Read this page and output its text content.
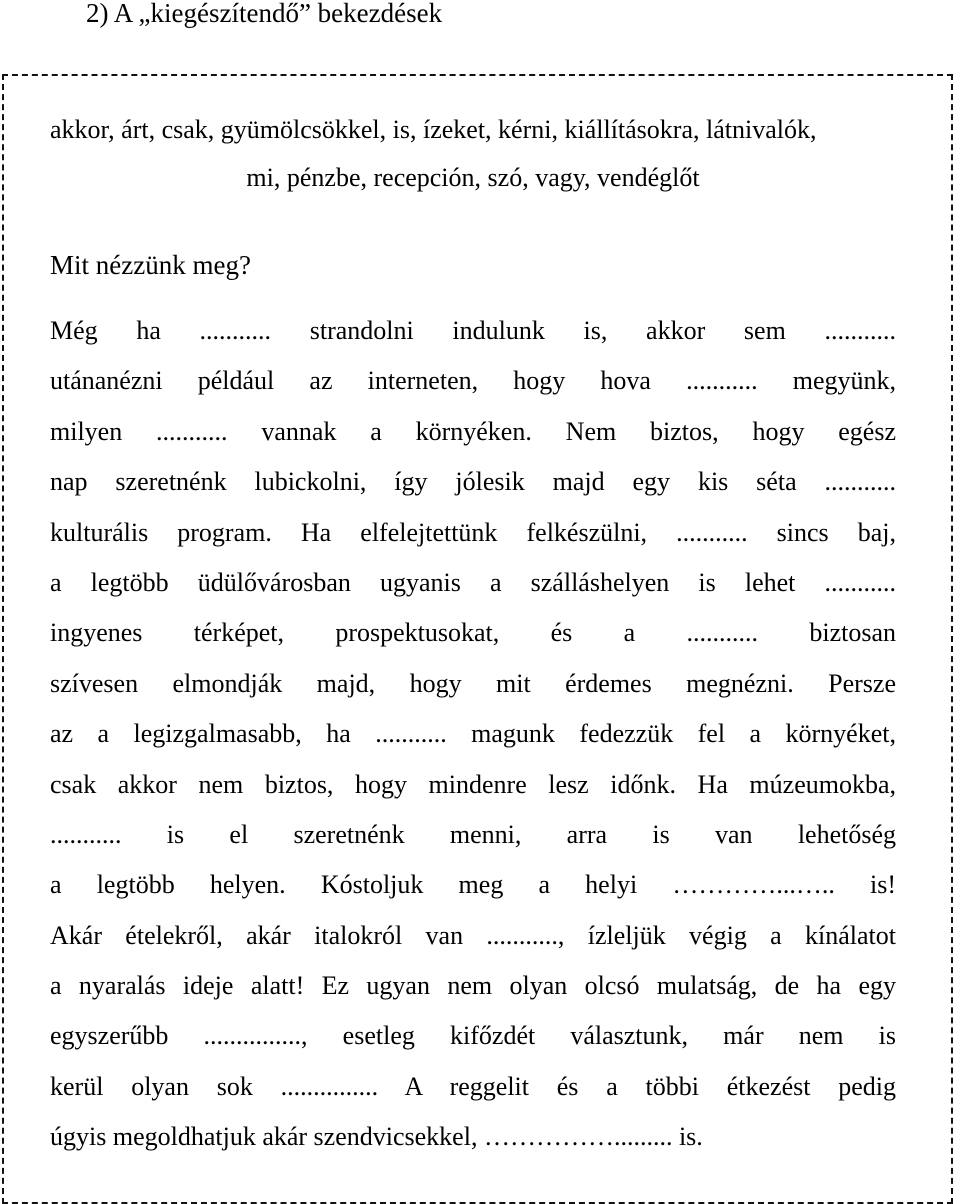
2) A „kiegészítendő” bekezdések
akkor, árt, csak, gyümölcsökkel, is, ízeket, kérni, kiállításokra, látnivalók,
mi, pénzbe, recepción, szó, vagy, vendéglőt
Mit nézzünk meg?
Még ha ........... strandolni indulunk is, akkor sem ...........
utánanézni például az interneten, hogy hova ........... megyünk,
milyen ........... vannak a környéken. Nem biztos, hogy egész
nap szeretnénk lubickolni, így jólesik majd egy kis séta ...........
kulturális program. Ha elfelejtettünk felkészülni, ........... sincs baj,
a legtöbb üdülővárosban ugyanis a szálláshelyen is lehet ...........
ingyenes térképet, prospektusokat, és a ........... biztosan
szívesen elmondják majd, hogy mit érdemes megnézni. Persze
az a legizgalmasabb, ha ........... magunk fedezzük fel a környéket,
csak akkor nem biztos, hogy mindenre lesz időnk. Ha múzeumokba,
........... is el szeretnénk menni, arra is van lehetőség
a legtöbb helyen. Kóstoljuk meg a helyi …………...….. is!
Akár ételekről, akár italokról van ..........., ízleljük végig a kínálatot
a nyaralás ideje alatt! Ez ugyan nem olyan olcsó mulatság, de ha egy
egyszerűbb ..............., esetleg kifőzdét választunk, már nem is
kerül olyan sok ............... A reggelit és a többi étkezést pedig
úgyis megoldhatjuk akár szendvicsekkel, ……………......... is.
